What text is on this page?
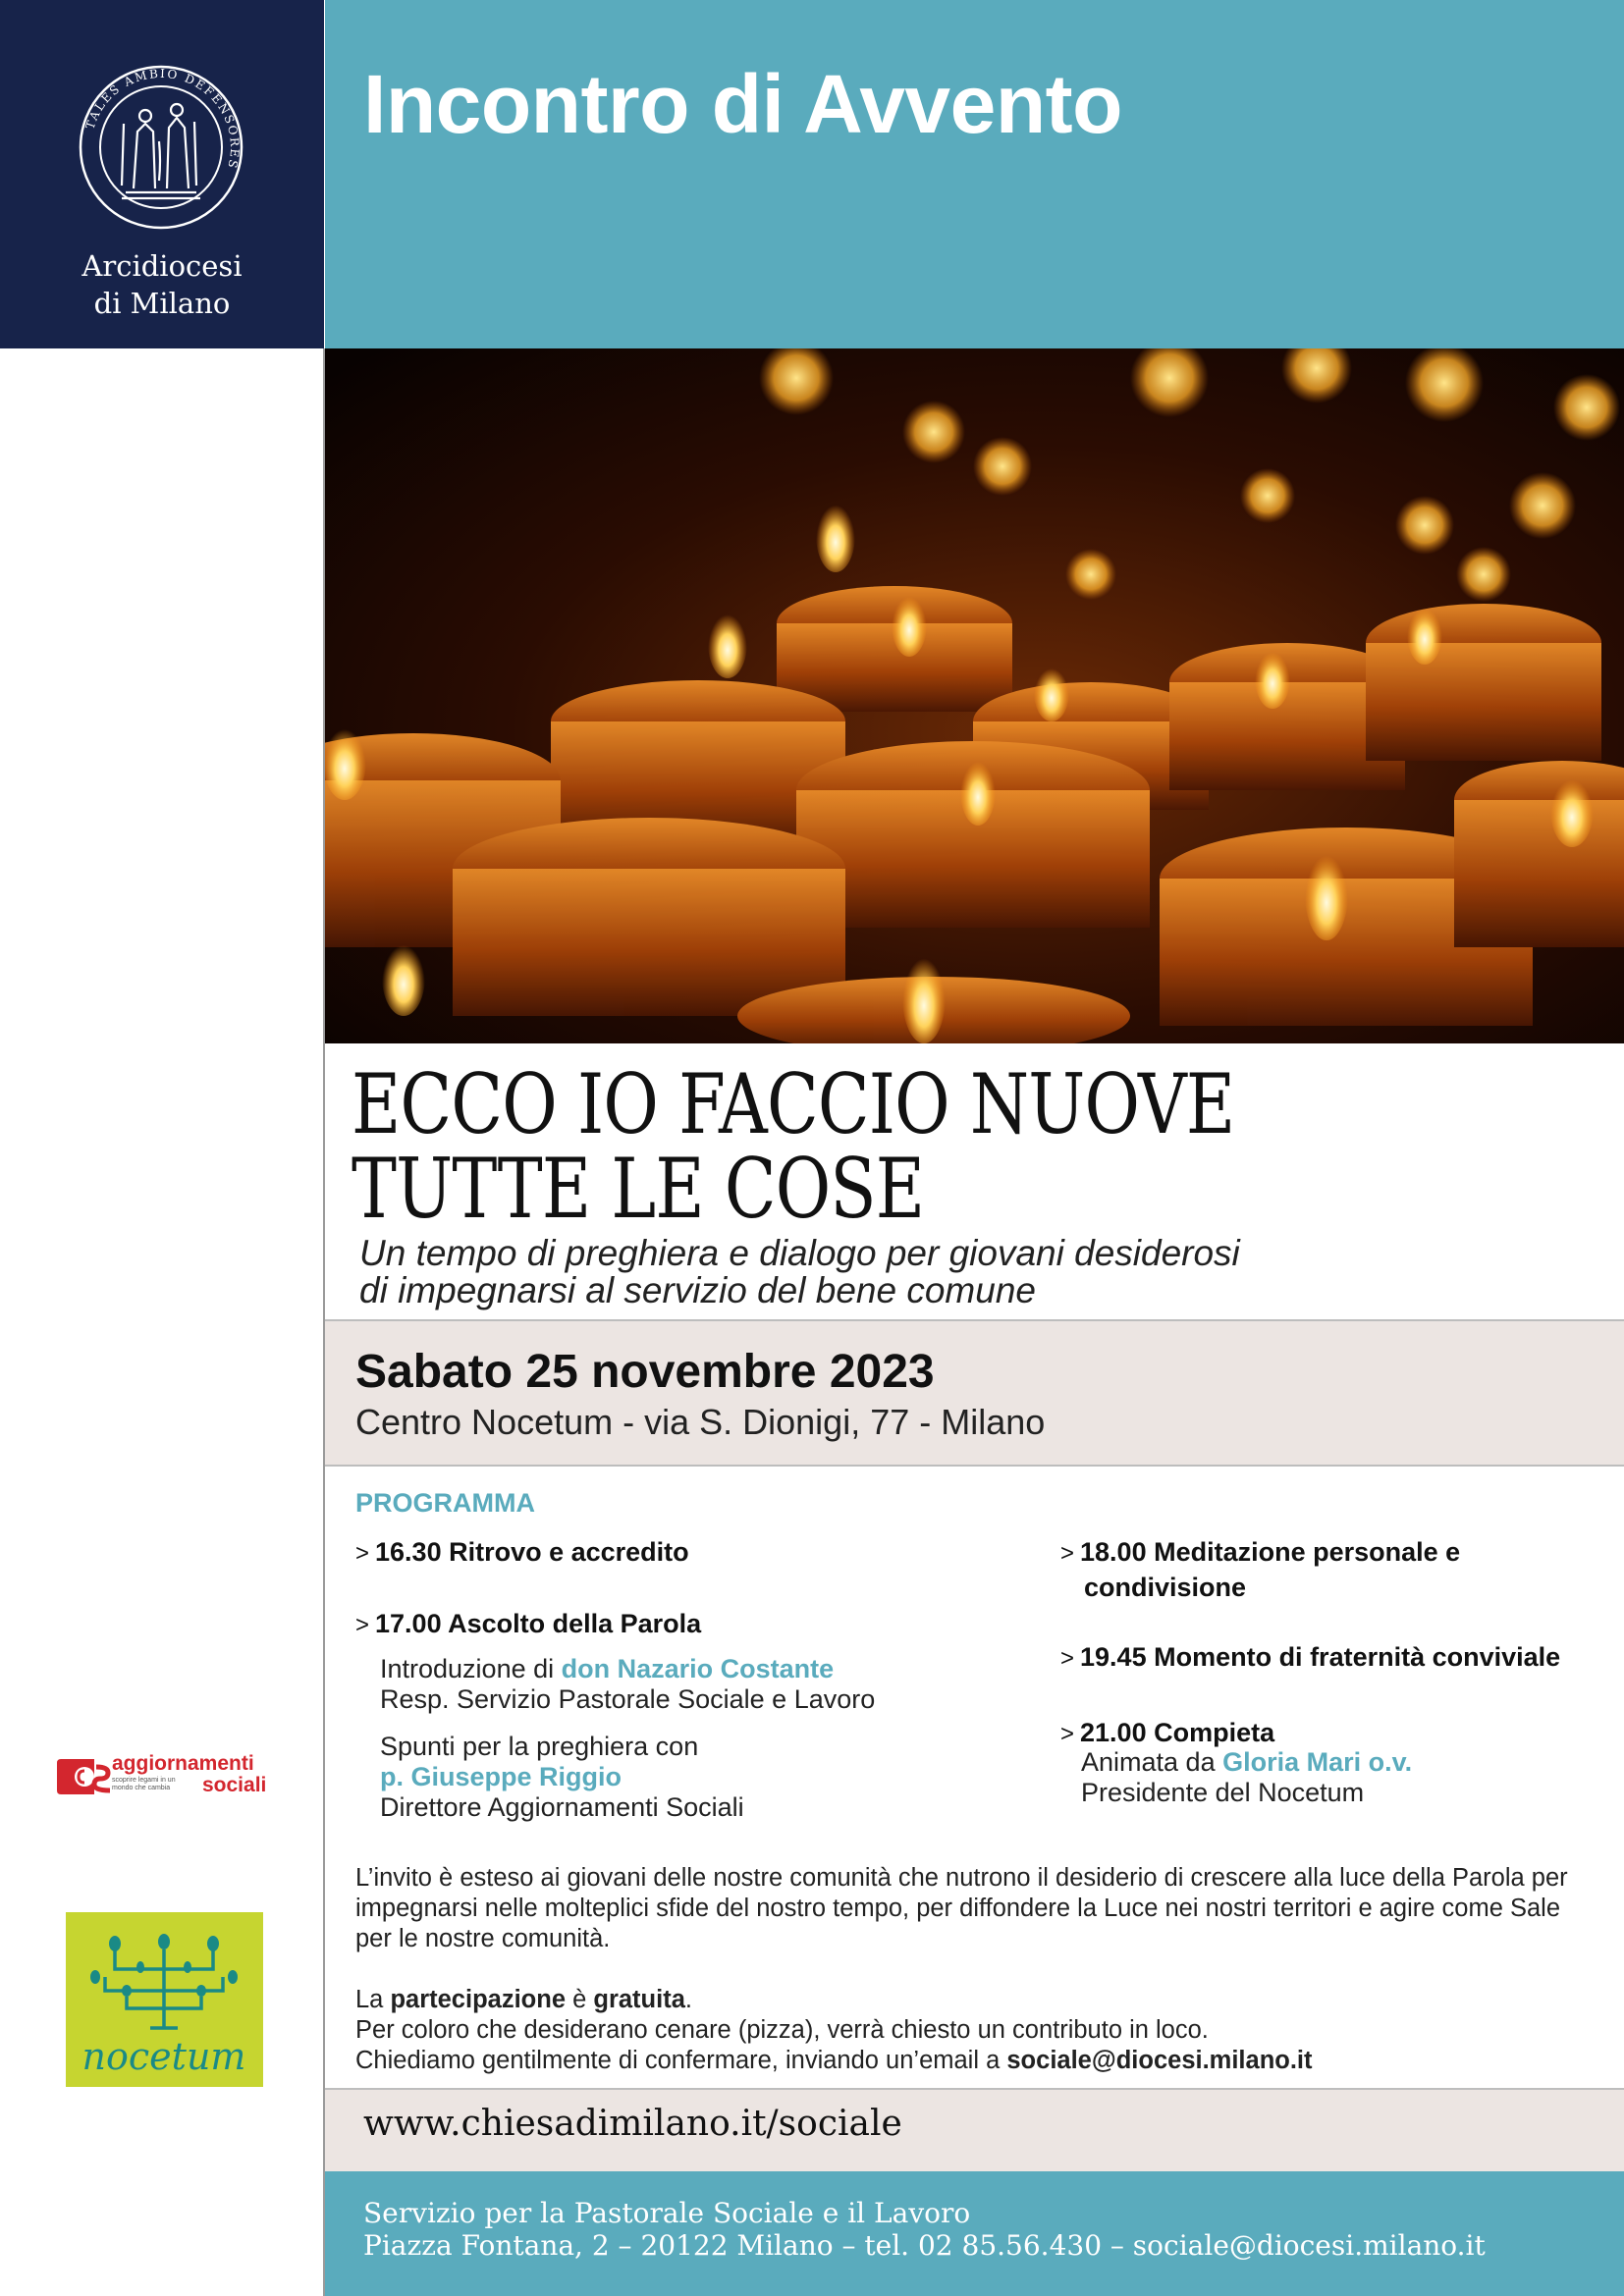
TALES AMBIO DEFENSORES
Arcidiocesi
di Milano
Incontro di Avvento
ECCO IO FACCIO NUOVE
TUTTE LE COSE
Un tempo di preghiera e dialogo per giovani desiderosi
di impegnarsi al servizio del bene comune
Sabato 25 novembre 2023
Centro Nocetum - via S. Dionigi, 77 - Milano
PROGRAMMA
> 16.30 Ritrovo e accredito
> 17.00 Ascolto della Parola
Introduzione di don Nazario Costante
Resp. Servizio Pastorale Sociale e Lavoro
Spunti per la preghiera con
p. Giuseppe Riggio
Direttore Aggiornamenti Sociali
> 18.00 Meditazione personale e
condivisione
> 19.45 Momento di fraternità conviviale
> 21.00 Compieta
Animata da Gloria Mari o.v.
Presidente del Nocetum

L’invito è esteso ai giovani delle nostre comunità che nutrono il desiderio di crescere alla luce della Parola per impegnarsi nelle molteplici sfide del nostro tempo, per diffondere la Luce nei nostri territori e agire come Sale per le nostre comunità.

La partecipazione è gratuita.

Per coloro che desiderano cenare (pizza), verrà chiesto un contributo in loco.

Chiediamo gentilmente di confermare, inviando un’email a sociale@diocesi.milano.it

www.chiesadimilano.it/sociale
Servizio per la Pastorale Sociale e il Lavoro
Piazza Fontana, 2 – 20122 Milano – tel. 02 85.56.430 – sociale@diocesi.milano.it
aggiornamenti
scoprire legami in un
mondo che cambia sociali
nocetum
